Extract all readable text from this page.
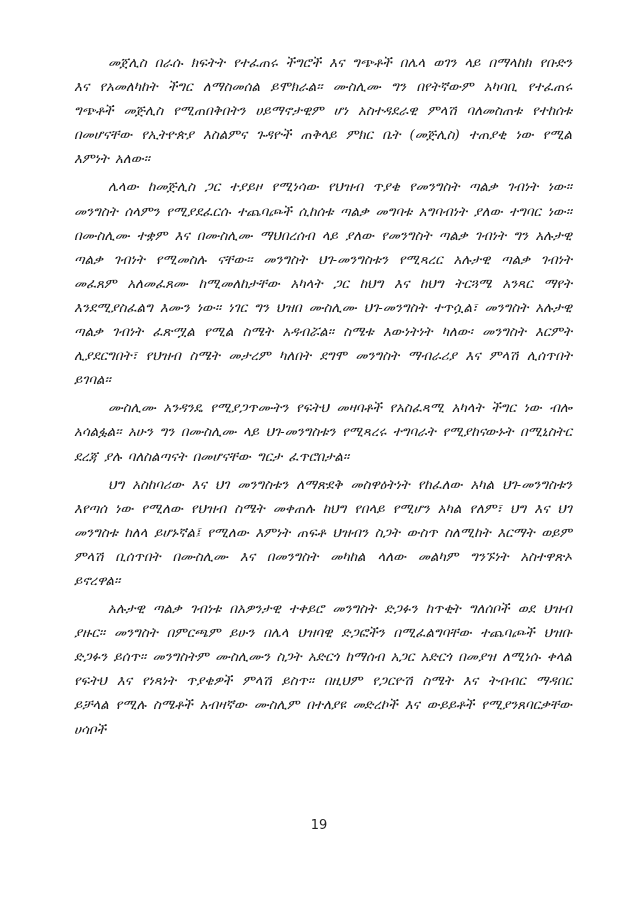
መጀሊስ በራሱ ክፍትት የተፈጠሩ ችግሮች እና ግጭቶች በሌላ ወገን ላይ በማላከክ የቡድን እና የአመለካከት ችግር ለማስመሰል ይሞክራል። ሙስሊሙ ግን በየትኛውም አካባቢ የተፈጠሩ ግጭቶች መጅሊስ የሚጠበቅበትን ሀይማኖታዊም ሆነ አስተዳደራዊ ምላሽ ባለመስጠቱ የተከሰቱ በመሆናቸው የኢትዮጵያ እስልምና ጉዳዮች ጠቅላይ ምክር ቤት (መጅሊስ) ተጠያቂ ነው የሚል እምነት አለው።

ሌላው ከመጅሊስ ጋር ተያይዞ የሚነሳው የህዝብ ጥያቄ የመንግስት ጣልቃ ገብነት ነው። መንግስት ሰላምን የሚያደፈርሱ ተጨባጮች ሲከሰቱ ጣልቃ መግባቱ አግባብነት ያለው ተግባር ነው። በሙስሊሙ ተቋም እና በሙስሊሙ ማህበረሰብ ላይ ያለው የመንግስት ጣልቃ ገብነት ግን አሉታዊ ጣልቃ ገብነት የሚመስሉ ናቸው። መንግስት ህገ-መንግስቱን የሚጻረር አሉታዊ ጣልቃ ገብነት መፈጸም አለመፈጸሙ ከሚመለከታቸው አካላት ጋር ከህግ እና ከህግ ትርጓሜ አንጻር ማየት እንደሚያስፈልግ እሙን ነው። ነገር ግን ህዝበ ሙስሊሙ ህገ-መንግስት ተጥሷል፣ መንግስት አሉታዊ ጣልቃ ገብነት ፈጽሟል የሚል ስሜት አዳብሯል። ስሜቱ እውነትነት ካለው፡ መንግስት እርምት ሊያደርግበት፣ የህዝብ ስሜት መታረም ካለበት ደግሞ መንግስት ማብራሪያ እና ምላሽ ሊሰጥበት ይገባል።

ሙስሊሙ አንዳንዴ የሚያጋጥሙትን የፍትህ መዛባቶች የአስፈጻሚ አካላት ችግር ነው ብሎ አሳልፏል። አሁን ግን በሙስሊሙ ላይ ህገ-መንግስቱን የሚጻረሩ ተግባራት የሚያከናውኑት በሚኒስትር ደረጃ ያሉ ባለስልጣናት በመሆናቸው ግርታ ፈጥሮበታል።

ህግ አስከባሪው እና ህገ መንግስቱን ለማጽደቅ መስዋዕትነት የከፈለው አካል ህገ-መንግስቱን እየጣሰ ነው የሚለው የህዝብ ስሜት መቀጠሉ ከህግ የበላይ የሚሆን አካል የለም፣ ህግ እና ህገ መንግስቱ ከለላ ይሆኑኛል፤ የሚለው እምነት ጠፍቶ ህዝብን ስጋት ውስጥ ስለሚከት እርማት ወይም ምላሽ ቢሰጥበት በሙስሊሙ እና በመንግስት መካከል ላለው መልካም ግንኙነት አስተዋጽኦ ይኖረዋል።

አሉታዊ ጣልቃ ገብነቱ በአዎንታዊ ተቀይሮ መንግስት ድጋፉን ከጥቂት ግለሰቦች ወደ ህዝብ ያዙር። መንግስት በምርጫም ይሁን በሌላ ህዝባዊ ድጋፎችን በሚፈልግባቸው ተጨባጮች ህዝቡ ድጋፉን ይሰጥ። መንግስትም ሙስሊሙን ስጋት አድርጎ ከማሰብ አጋር አድርጎ በመያዝ ለሚነሱ ቀላል የፍትህ እና የነጻነት ጥያቄዎች ምላሽ ይስጥ። በዚህም የጋርዮሽ ስሜት እና ትብብር ማዳበር ይቻላል የሚሉ ስሜቶች አብዛኛው ሙስሊም በተለያዩ መድረኮች እና ውይይቶች የሚያንጸባርቃቸው ሀሳቦች

19
